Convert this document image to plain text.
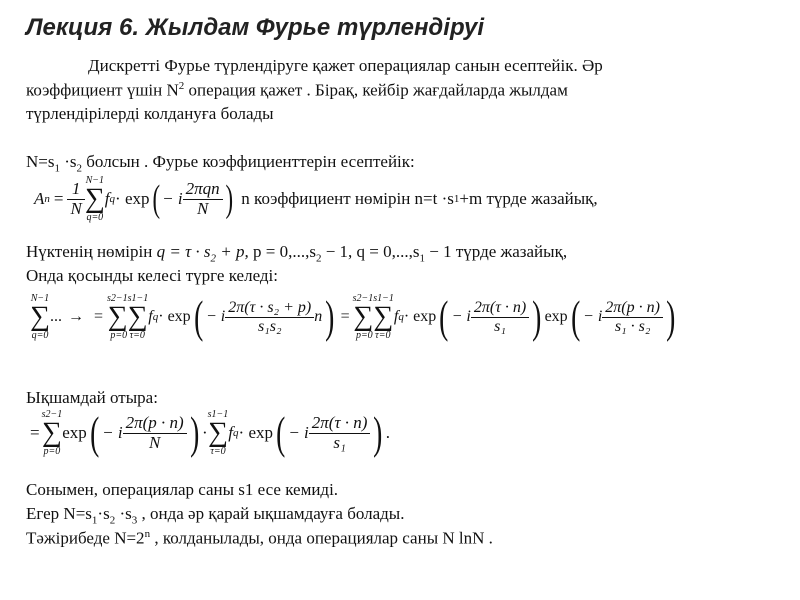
Лекция 6. Жылдам Фурье түрлендіруі
Дискретті Фурье түрлендіруге қажет операциялар санын есептейік. Әр
коэффициент үшін $N^2$ операция қажет . Бірақ, кейбір жағдайларда жылдам
түрлендірілерді колдануға болады
$N=s_1 \cdot s_2$ болсын . Фурье коэффициенттерін есептейік:
A $n = \frac{1}{N} N-1$
∑
q=0
f q · exp ( − i $\frac{\text{2πqn}}{N}$ ) n коэффициент нөмірін n=t ·s 1 +m түрде жазайық,
Нүктенің нөмірін $q = \tau \cdot s_2 + p$, $p = 0,...,s_2 - 1$, $q = 0,...,s_1 - 1$ түрде жазайық,
Онда қосынды келесі түрге келеді:
N−1
∑
q=0
... → =
s2−1s1−1
∑∑
p=0 τ=0
f q · exp ( − i $\frac{\text{2π(τ · s₂ + p)}}{\text{s₁s₂}}$ n ) =
s2−1s1−1
∑∑
p=0 τ=0
f q · exp ( − i $\frac{2\pi(\tau \cdot n)}{\text{s₁}}$ ) exp ( − i $\frac{2\pi(p \cdot n)}{\text{s₁ · s₂}}$ )
Ықшамдай отыра:
=
s2−1
∑
p=0
exp ( − i $\frac{2\pi(p \cdot n)}{N}$ ) ·
s1−1
∑
τ=0
f q · exp ( − i $\frac{2\pi(\tau \cdot n)}{\text{s₁}}$ ) .
Сонымен, операциялар саны s1 есе кемиді.
Егер $N=s_1\cdot s_2 \cdot s_3$ , онда әр қарай ықшамдауға болады.
Тәжірибеде $N=2^n$ , колданылады, онда операциялар саны N lnN .
